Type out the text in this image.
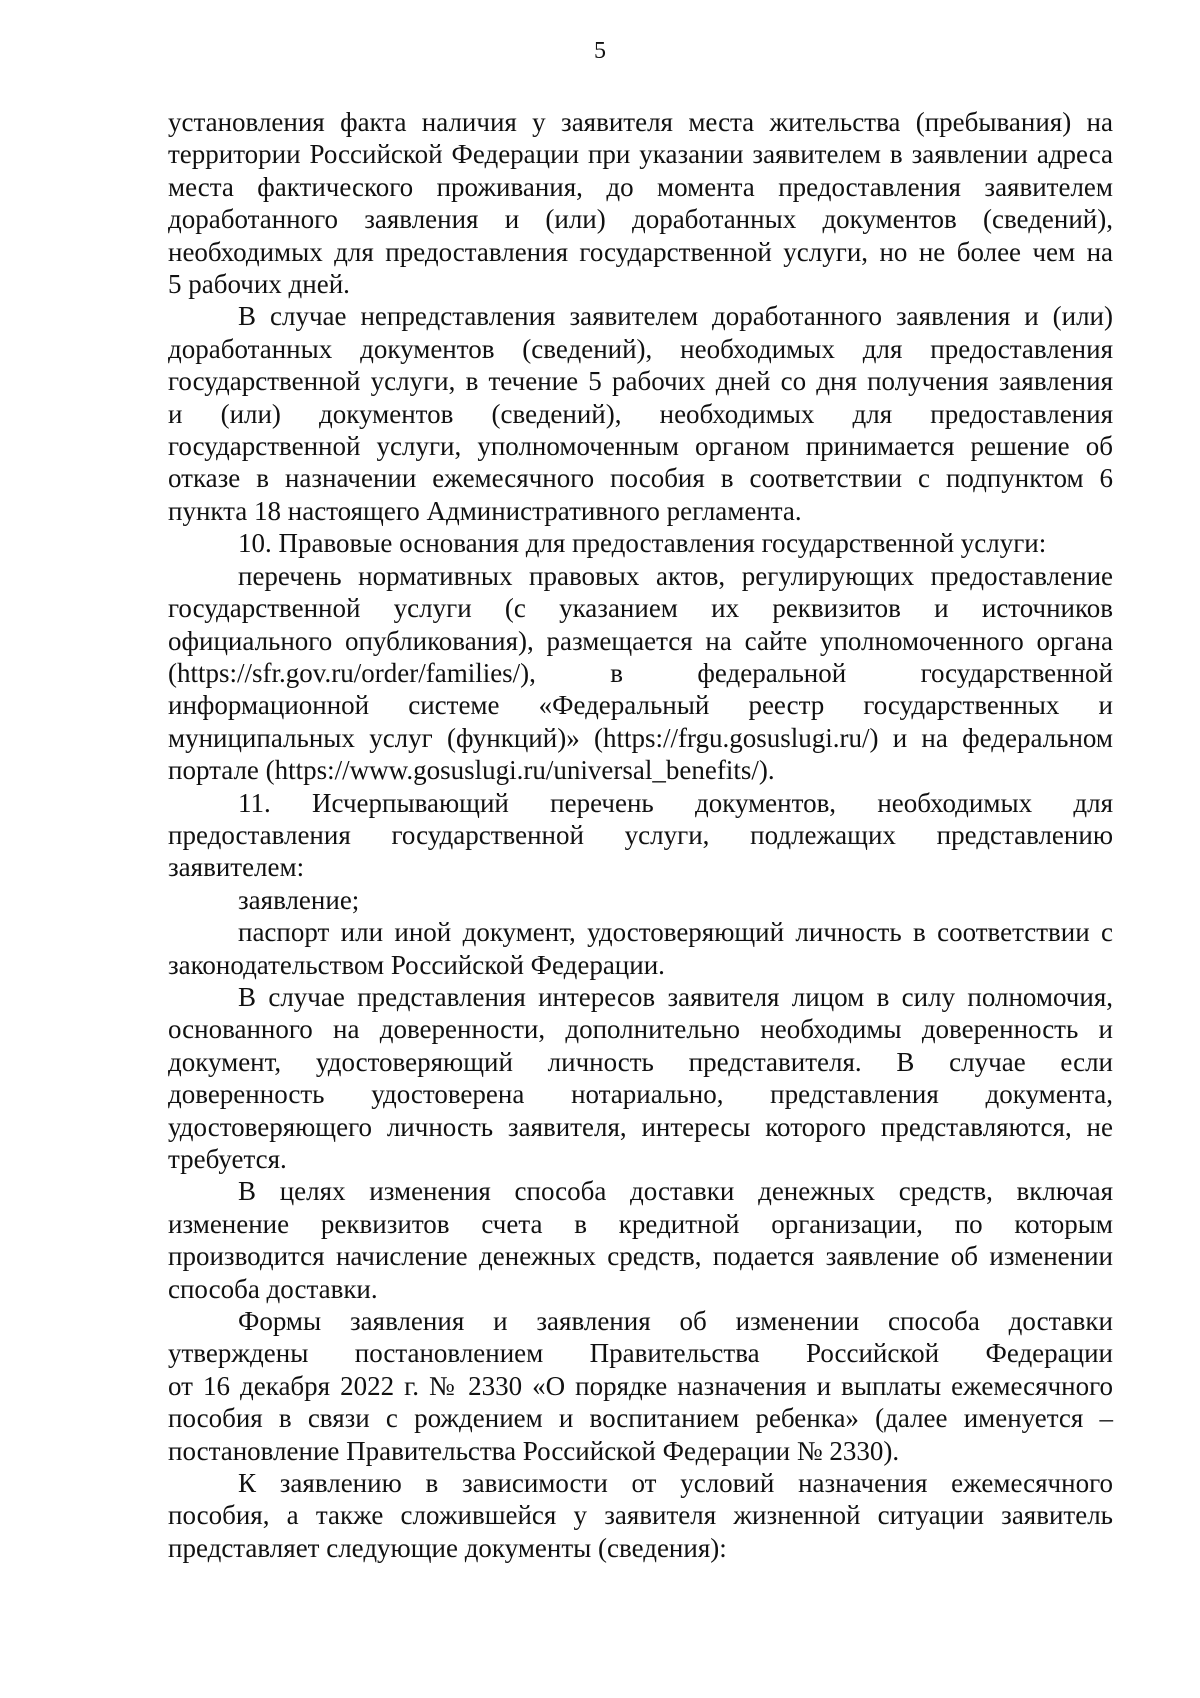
5
установления факта наличия у заявителя места жительства (пребывания) на
территории Российской Федерации при указании заявителем в заявлении адреса
места фактического проживания, до момента предоставления заявителем
доработанного заявления и (или) доработанных документов (сведений),
необходимых для предоставления государственной услуги, но не более чем на
5 рабочих дней.
В случае непредставления заявителем доработанного заявления и (или)
доработанных документов (сведений), необходимых для предоставления
государственной услуги, в течение 5 рабочих дней со дня получения заявления
и (или) документов (сведений), необходимых для предоставления
государственной услуги, уполномоченным органом принимается решение об
отказе в назначении ежемесячного пособия в соответствии с подпунктом 6
пункта 18 настоящего Административного регламента.
10. Правовые основания для предоставления государственной услуги:
перечень нормативных правовых актов, регулирующих предоставление
государственной услуги (с указанием их реквизитов и источников
официального опубликования), размещается на сайте уполномоченного органа
(https://sfr.gov.ru/order/families/), в федеральной государственной
информационной системе «Федеральный реестр государственных и
муниципальных услуг (функций)» (https://frgu.gosuslugi.ru/) и на федеральном
портале (https://www.gosuslugi.ru/universal_benefits/).
11. Исчерпывающий перечень документов, необходимых для
предоставления государственной услуги, подлежащих представлению
заявителем:
заявление;
паспорт или иной документ, удостоверяющий личность в соответствии с
законодательством Российской Федерации.
В случае представления интересов заявителя лицом в силу полномочия,
основанного на доверенности, дополнительно необходимы доверенность и
документ, удостоверяющий личность представителя. В случае если
доверенность удостоверена нотариально, представления документа,
удостоверяющего личность заявителя, интересы которого представляются, не
требуется.
В целях изменения способа доставки денежных средств, включая
изменение реквизитов счета в кредитной организации, по которым
производится начисление денежных средств, подается заявление об изменении
способа доставки.
Формы заявления и заявления об изменении способа доставки
утверждены постановлением Правительства Российской Федерации
от 16 декабря 2022 г. № 2330 «О порядке назначения и выплаты ежемесячного
пособия в связи с рождением и воспитанием ребенка» (далее именуется –
постановление Правительства Российской Федерации № 2330).
К заявлению в зависимости от условий назначения ежемесячного
пособия, а также сложившейся у заявителя жизненной ситуации заявитель
представляет следующие документы (сведения):
